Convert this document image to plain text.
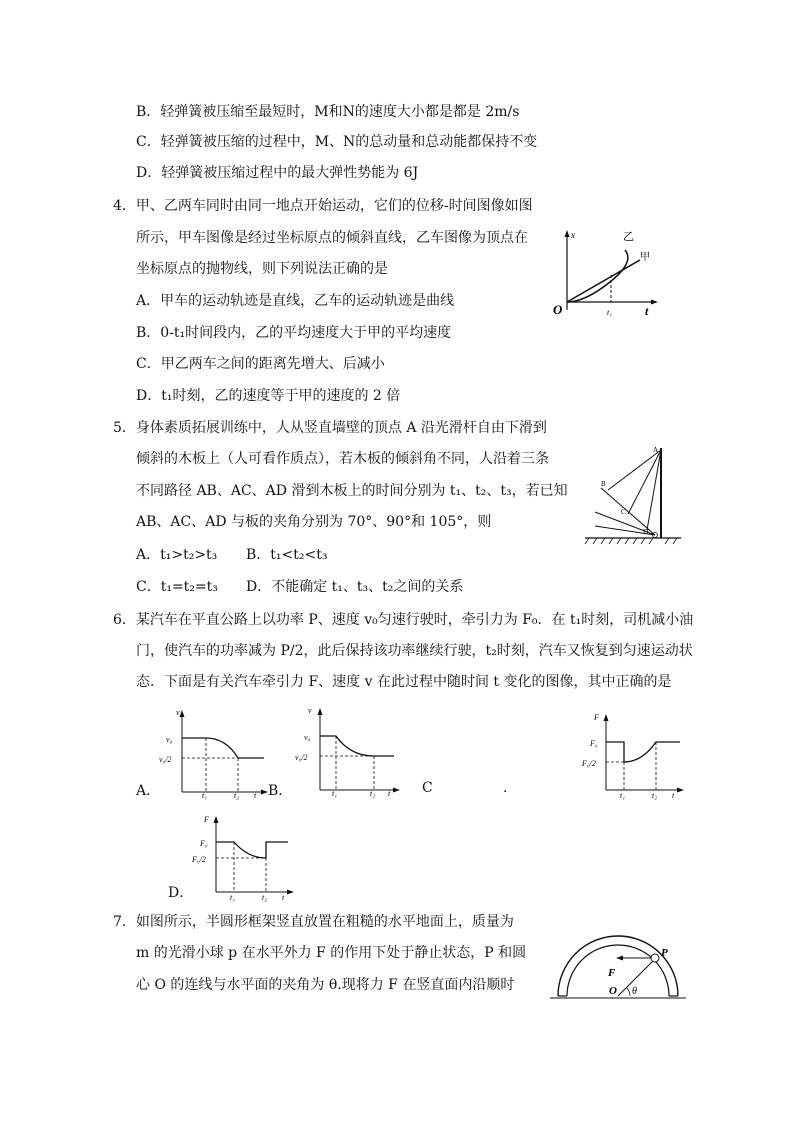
B．轻弹簧被压缩至最短时，M和N的速度大小都是都是 2m/s
C．轻弹簧被压缩的过程中，M、N的总动量和总动能都保持不变
D．轻弹簧被压缩过程中的最大弹性势能为 6J
4．甲、乙两车同时由同一地点开始运动，它们的位移-时间图像如图
所示，甲车图像是经过坐标原点的倾斜直线，乙车图像为顶点在
坐标原点的抛物线，则下列说法正确的是
A．甲车的运动轨迹是直线，乙车的运动轨迹是曲线
B．0-t₁时间段内，乙的平均速度大于甲的平均速度
C．甲乙两车之间的距离先增大、后减小
D．t₁时刻，乙的速度等于甲的速度的 2 倍
x	乙
甲
O	t₁	t
5．身体素质拓展训练中，人从竖直墙壁的顶点 A 沿光滑杆自由下滑到
倾斜的木板上（人可看作质点），若木板的倾斜角不同，人沿着三条
不同路径 AB、AC、AD 滑到木板上的时间分别为 t₁、t₂、t₃，若已知
AB、AC、AD 与板的夹角分别为 70°、90°和 105°，则
A．t₁>t₂>t₃ B．t₁<t₂<t₃
C．t₁=t₂=t₃ D．不能确定 t₁、t₃、t₂之间的关系
A
B
C
D
6．某汽车在平直公路上以功率 P、速度 v₀匀速行驶时，牵引力为 F₀．在 t₁时刻，司机减小油
门，使汽车的功率减为 P/2，此后保持该功率继续行驶，t₂时刻，汽车又恢复到匀速运动状
态．下面是有关汽车牵引力 F、速度 v 在此过程中随时间 t 变化的图像，其中正确的是
A．	B．	C	.
D．
v
v₀
v₀/2
t₁	t₂ t
v
v₀
v₀/2
t₁	t₂ t
F
F₀
F₀/2
t₁	t₂ t
F
F₀
F₀/2
t₁	t₂ t
7．如图所示，半圆形框架竖直放置在粗糙的水平地面上，质量为
m 的光滑小球 p 在水平外力 F 的作用下处于静止状态，P 和圆
心 O 的连线与水平面的夹角为 θ.现将力 F 在竖直面内沿顺时
F
P
O θ
